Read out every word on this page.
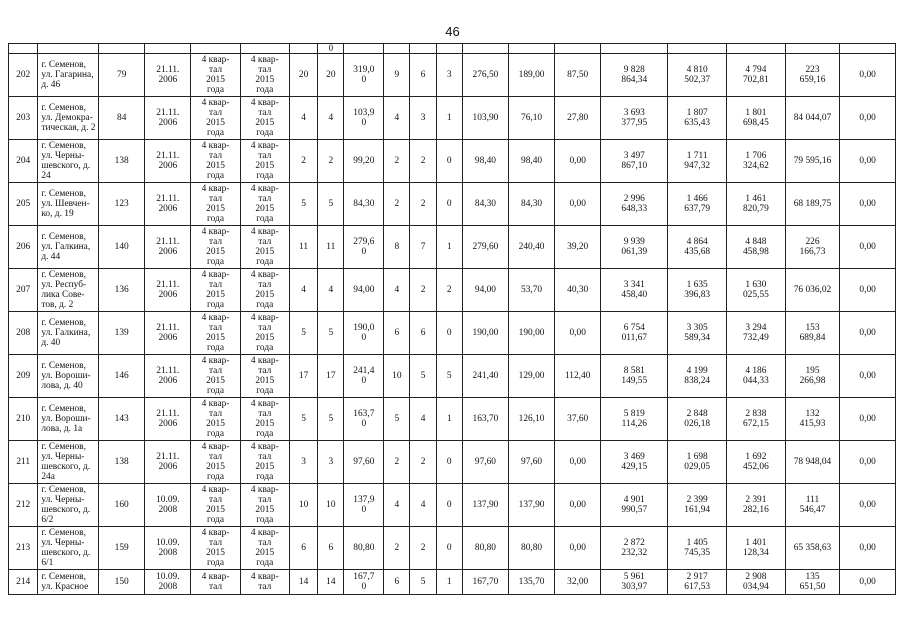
46
							0												
202	г. Семенов,
ул. Гагарина,
д. 46	79	21.11.
2006	4 квар-
тал
2015
года	4 квар-
тал
2015
года	20	20	319,0
0	9	6	3	276,50	189,00	87,50	9 828
864,34	4 810
502,37	4 794
702,81	223
659,16	0,00
203	г. Семенов,
ул. Демокра-
тическая, д. 2	84	21.11.
2006	4 квар-
тал
2015
года	4 квар-
тал
2015
года	4	4	103,9
0	4	3	1	103,90	76,10	27,80	3 693
377,95	1 807
635,43	1 801
698,45	84 044,07	0,00
204	г. Семенов,
ул. Черны-
шевского, д.
24	138	21.11.
2006	4 квар-
тал
2015
года	4 квар-
тал
2015
года	2	2	99,20	2	2	0	98,40	98,40	0,00	3 497
867,10	1 711
947,32	1 706
324,62	79 595,16	0,00
205	г. Семенов,
ул. Шевчен-
ко, д. 19	123	21.11.
2006	4 квар-
тал
2015
года	4 квар-
тал
2015
года	5	5	84,30	2	2	0	84,30	84,30	0,00	2 996
648,33	1 466
637,79	1 461
820,79	68 189,75	0,00
206	г. Семенов,
ул. Галкина,
д. 44	140	21.11.
2006	4 квар-
тал
2015
года	4 квар-
тал
2015
года	11	11	279,6
0	8	7	1	279,60	240,40	39,20	9 939
061,39	4 864
435,68	4 848
458,98	226
166,73	0,00
207	г. Семенов,
ул. Респуб-
лика Сове-
тов, д. 2	136	21.11.
2006	4 квар-
тал
2015
года	4 квар-
тал
2015
года	4	4	94,00	4	2	2	94,00	53,70	40,30	3 341
458,40	1 635
396,83	1 630
025,55	76 036,02	0,00
208	г. Семенов,
ул. Галкина,
д. 40	139	21.11.
2006	4 квар-
тал
2015
года	4 квар-
тал
2015
года	5	5	190,0
0	6	6	0	190,00	190,00	0,00	6 754
011,67	3 305
589,34	3 294
732,49	153
689,84	0,00
209	г. Семенов,
ул. Вороши-
лова, д. 40	146	21.11.
2006	4 квар-
тал
2015
года	4 квар-
тал
2015
года	17	17	241,4
0	10	5	5	241,40	129,00	112,40	8 581
149,55	4 199
838,24	4 186
044,33	195
266,98	0,00
210	г. Семенов,
ул. Вороши-
лова, д. 1а	143	21.11.
2006	4 квар-
тал
2015
года	4 квар-
тал
2015
года	5	5	163,7
0	5	4	1	163,70	126,10	37,60	5 819
114,26	2 848
026,18	2 838
672,15	132
415,93	0,00
211	г. Семенов,
ул. Черны-
шевского, д.
24а	138	21.11.
2006	4 квар-
тал
2015
года	4 квар-
тал
2015
года	3	3	97,60	2	2	0	97,60	97,60	0,00	3 469
429,15	1 698
029,05	1 692
452,06	78 948,04	0,00
212	г. Семенов,
ул. Черны-
шевского, д.
6/2	160	10.09.
2008	4 квар-
тал
2015
года	4 квар-
тал
2015
года	10	10	137,9
0	4	4	0	137,90	137,90	0,00	4 901
990,57	2 399
161,94	2 391
282,16	111
546,47	0,00
213	г. Семенов,
ул. Черны-
шевского, д.
6/1	159	10.09.
2008	4 квар-
тал
2015
года	4 квар-
тал
2015
года	6	6	80,80	2	2	0	80,80	80,80	0,00	2 872
232,32	1 405
745,35	1 401
128,34	65 358,63	0,00
214	г. Семенов,
ул. Красное	150	10.09.
2008	4 квар-
тал	4 квар-
тал	14	14	167,7
0	6	5	1	167,70	135,70	32,00	5 961
303,97	2 917
617,53	2 908
034,94	135
651,50	0,00
